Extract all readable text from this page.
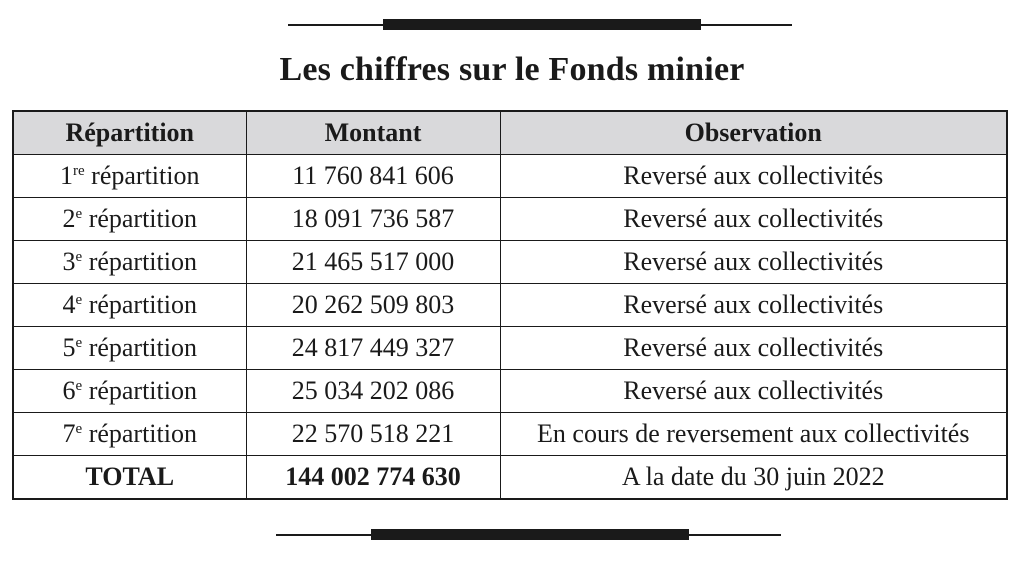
Les chiffres sur le Fonds minier
Répartition	Montant	Observation
1re répartition	11 760 841 606	Reversé aux collectivités
2e répartition	18 091 736 587	Reversé aux collectivités
3e répartition	21 465 517 000	Reversé aux collectivités
4e répartition	20 262 509 803	Reversé aux collectivités
5e répartition	24 817 449 327	Reversé aux collectivités
6e répartition	25 034 202 086	Reversé aux collectivités
7e répartition	22 570 518 221	En cours de reversement aux collectivités
TOTAL	144 002 774 630	A la date du 30 juin 2022
